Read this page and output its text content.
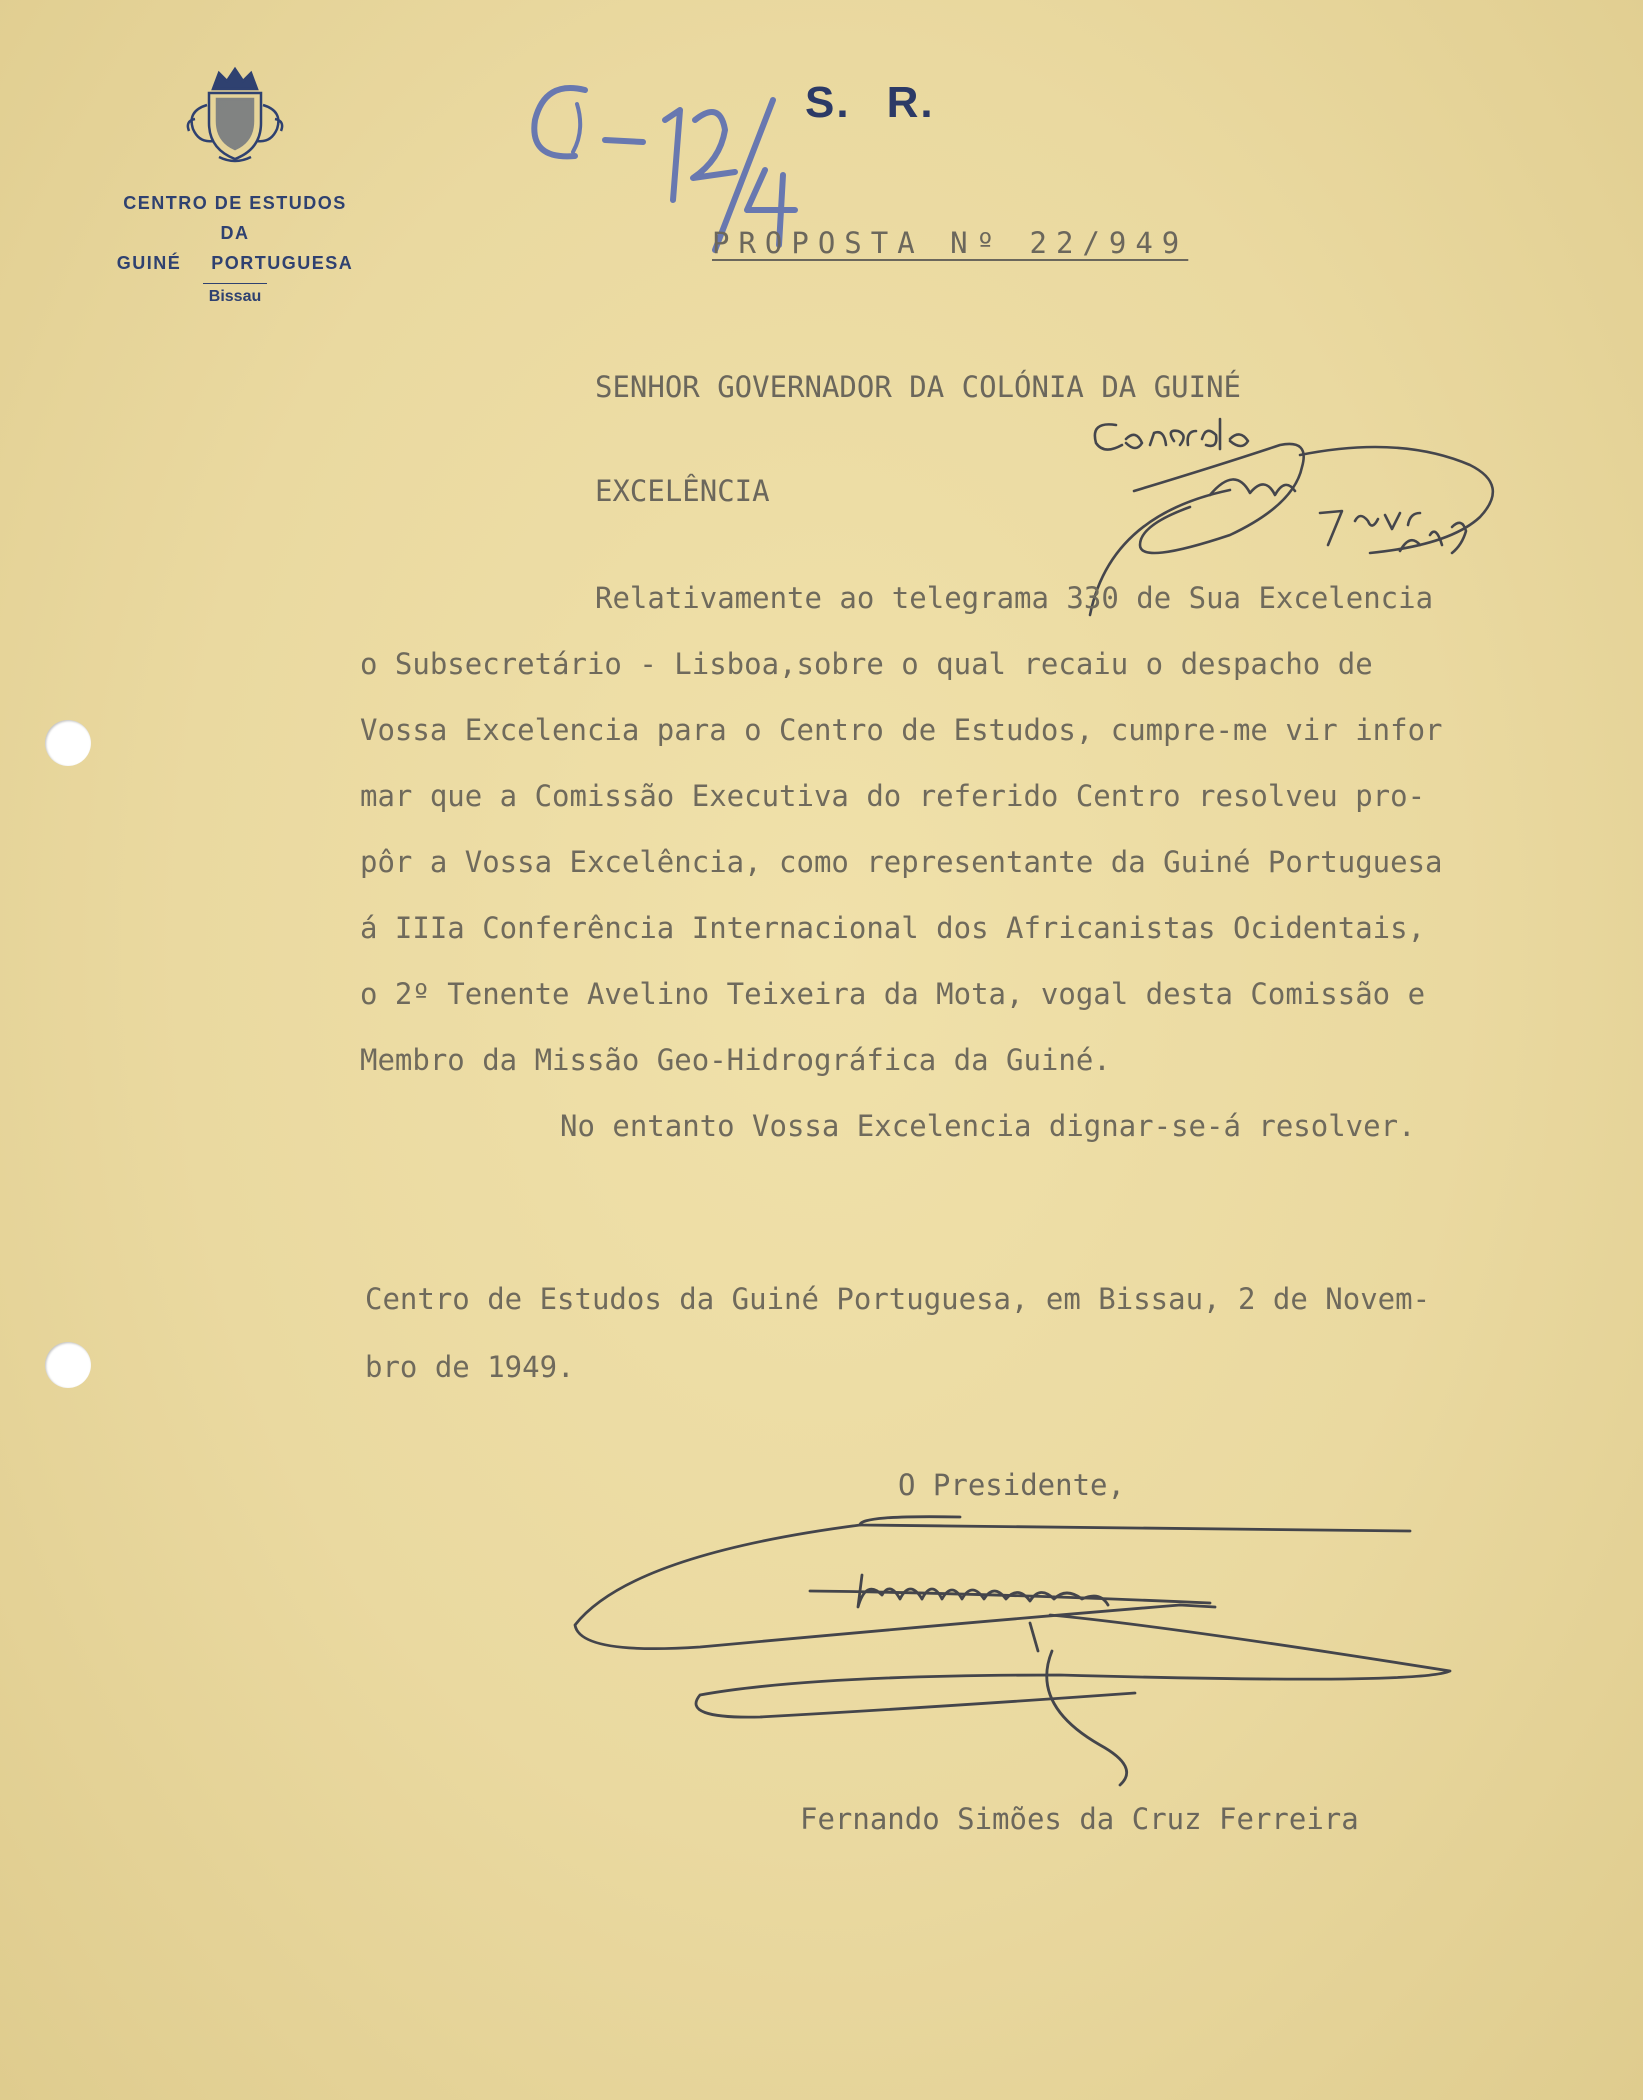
CENTRO DE ESTUDOS
DA
GUINÉ PORTUGUESA
Bissau
S. R.
PROPOSTA Nº 22/949
SENHOR GOVERNADOR DA COLÓNIA DA GUINÉ
EXCELÊNCIA
Relativamente ao telegrama 330 de Sua Excelencia
o Subsecretário - Lisboa,sobre o qual recaiu o despacho de
Vossa Excelencia para o Centro de Estudos, cumpre-me vir infor
mar que a Comissão Executiva do referido Centro resolveu pro-
pôr a Vossa Excelência, como representante da Guiné Portuguesa
á IIIa Conferência Internacional dos Africanistas Ocidentais,
o 2º Tenente Avelino Teixeira da Mota, vogal desta Comissão e
Membro da Missão Geo-Hidrográfica da Guiné.
No entanto Vossa Excelencia dignar-se-á resolver.
Centro de Estudos da Guiné Portuguesa, em Bissau, 2 de Novem-
bro de 1949.
O Presidente,
Fernando Simões da Cruz Ferreira
